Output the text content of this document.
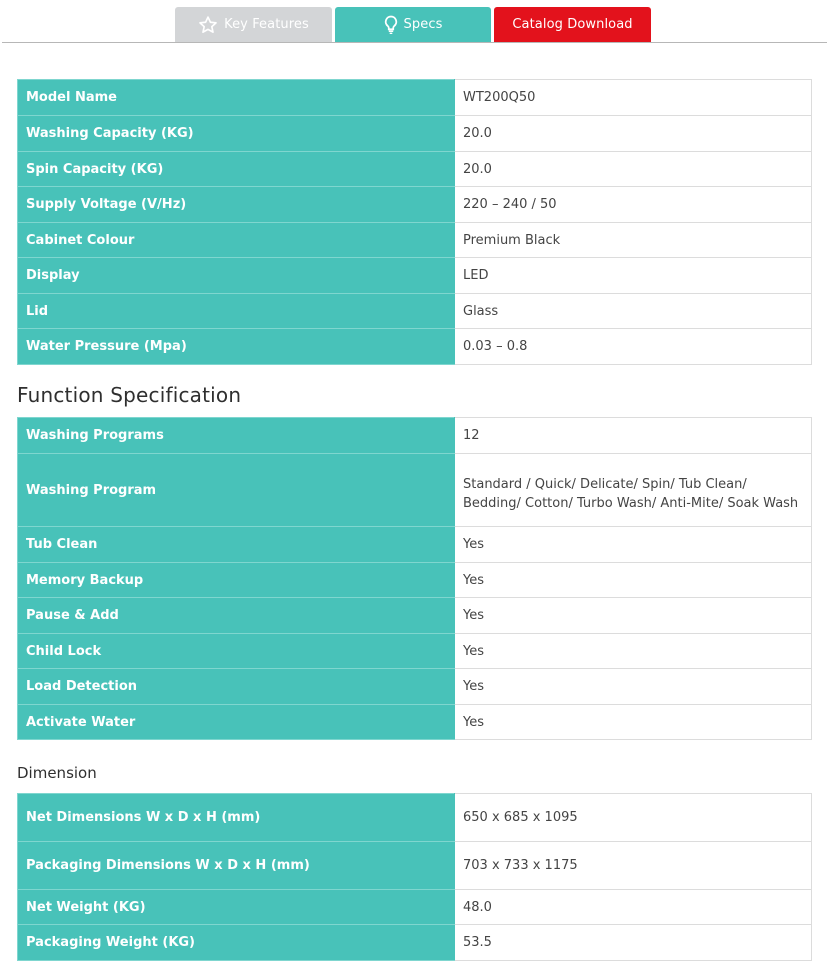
Key Features	Specs	Catalog Download
Model Name	WT200Q50
Washing Capacity (KG)	20.0
Spin Capacity (KG)	20.0
Supply Voltage (V/Hz)	220 – 240 / 50
Cabinet Colour	Premium Black
Display	LED
Lid	Glass
Water Pressure (Mpa)	0.03 – 0.8
Function Specification
Washing Programs	12
Washing Program	Standard / Quick/ Delicate/ Spin/ Tub Clean/ Bedding/ Cotton/ Turbo Wash/ Anti-Mite/ Soak Wash
Tub Clean	Yes
Memory Backup	Yes
Pause & Add	Yes
Child Lock	Yes
Load Detection	Yes
Activate Water	Yes
Dimension
Net Dimensions W x D x H (mm)	650 x 685 x 1095
Packaging Dimensions W x D x H (mm)	703 x 733 x 1175
Net Weight (KG)	48.0
Packaging Weight (KG)	53.5
